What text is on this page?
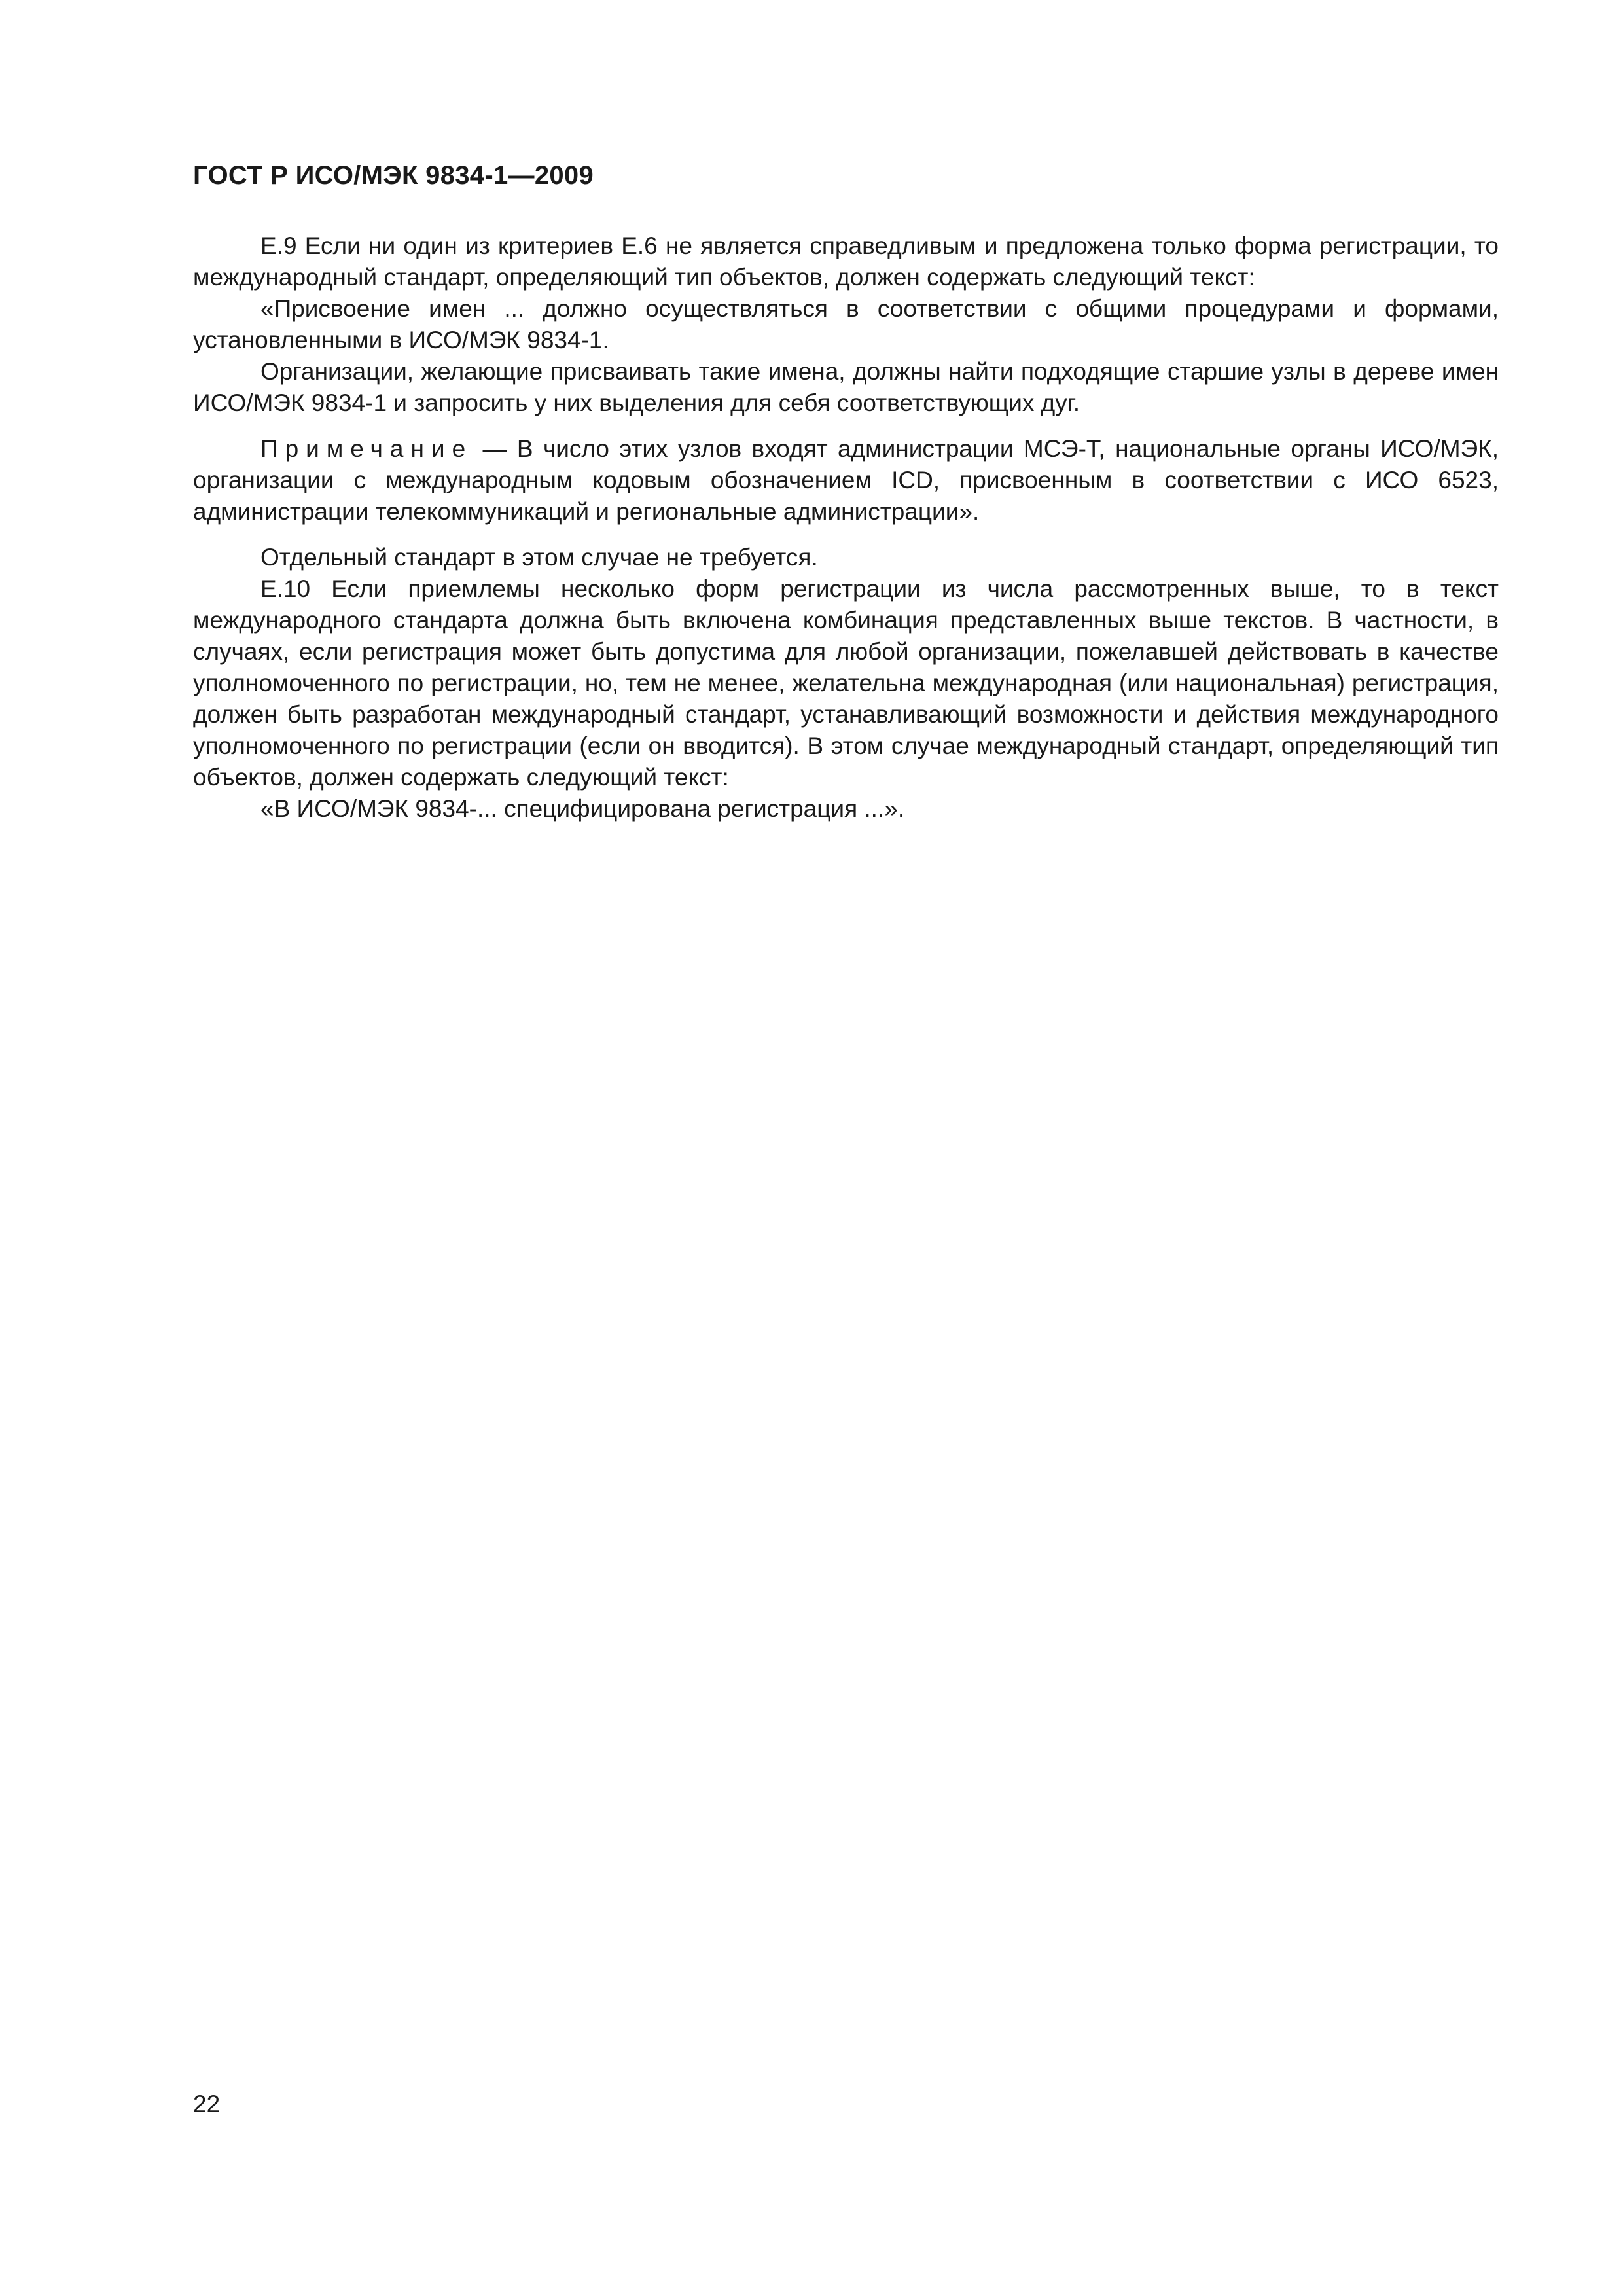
ГОСТ Р ИСО/МЭК 9834-1—2009

Е.9 Если ни один из критериев Е.6 не является справедливым и предложена только форма регистрации, то международный стандарт, определяющий тип объектов, должен содержать следующий текст:

«Присвоение имен ... должно осуществляться в соответствии с общими процедурами и формами, установленными в ИСО/МЭК 9834-1.

Организации, желающие присваивать такие имена, должны найти подходящие старшие узлы в дереве имен ИСО/МЭК 9834-1 и запросить у них выделения для себя соответствующих дуг.

Примечание — В число этих узлов входят администрации МСЭ-Т, национальные органы ИСО/МЭК, организации с международным кодовым обозначением ICD, присвоенным в соответствии с ИСО 6523, администрации телекоммуникаций и региональные администрации».

Отдельный стандарт в этом случае не требуется.

Е.10 Если приемлемы несколько форм регистрации из числа рассмотренных выше, то в текст международного стандарта должна быть включена комбинация представленных выше текстов. В частности, в случаях, если регистрация может быть допустима для любой организации, пожелавшей действовать в качестве уполномоченного по регистрации, но, тем не менее, желательна международная (или национальная) регистрация, должен быть разработан международный стандарт, устанавливающий возможности и действия международного уполномоченного по регистрации (если он вводится). В этом случае международный стандарт, определяющий тип объектов, должен содержать следующий текст:

«В ИСО/МЭК 9834-... специфицирована регистрация ...».

22
